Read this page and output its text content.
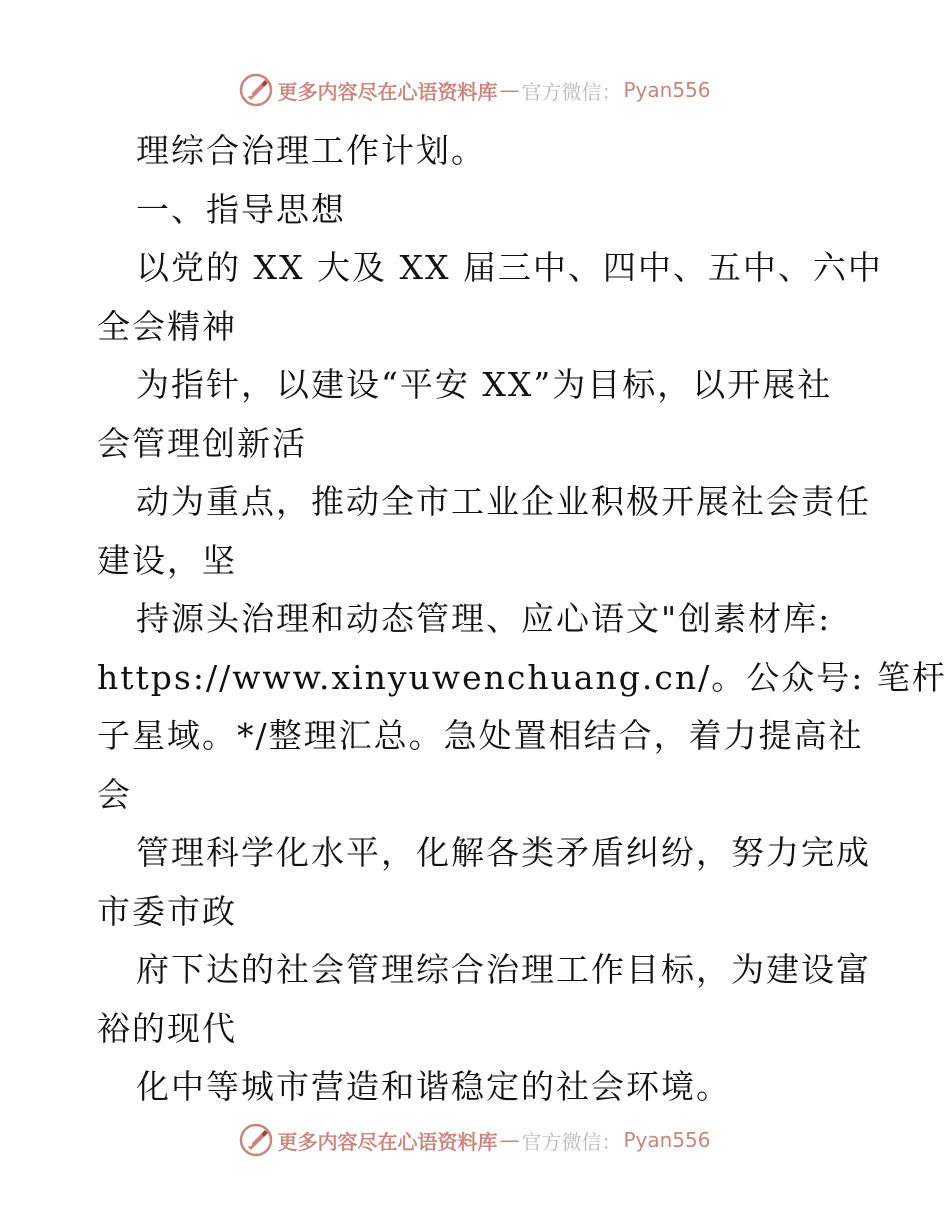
更多内容尽在心语资料库 — 官方微信： Pyan556
理综合治理工作计划。
一、指导思想
以党的 XX 大及 XX 届三中、四中、五中、六中
全会精神
为指针，以建设“平安 XX”为目标，以开展社
会管理创新活
动为重点，推动全市工业企业积极开展社会责任
建设，坚
持源头治理和动态管理、应心语文"创素材库:
https://www.xinyuwenchuang.cn/。公众号: 笔杆
子星域。*/整理汇总。急处置相结合，着力提高社
会
管理科学化水平，化解各类矛盾纠纷，努力完成
市委市政
府下达的社会管理综合治理工作目标，为建设富
裕的现代
化中等城市营造和谐稳定的社会环境。
更多内容尽在心语资料库 — 官方微信： Pyan556
